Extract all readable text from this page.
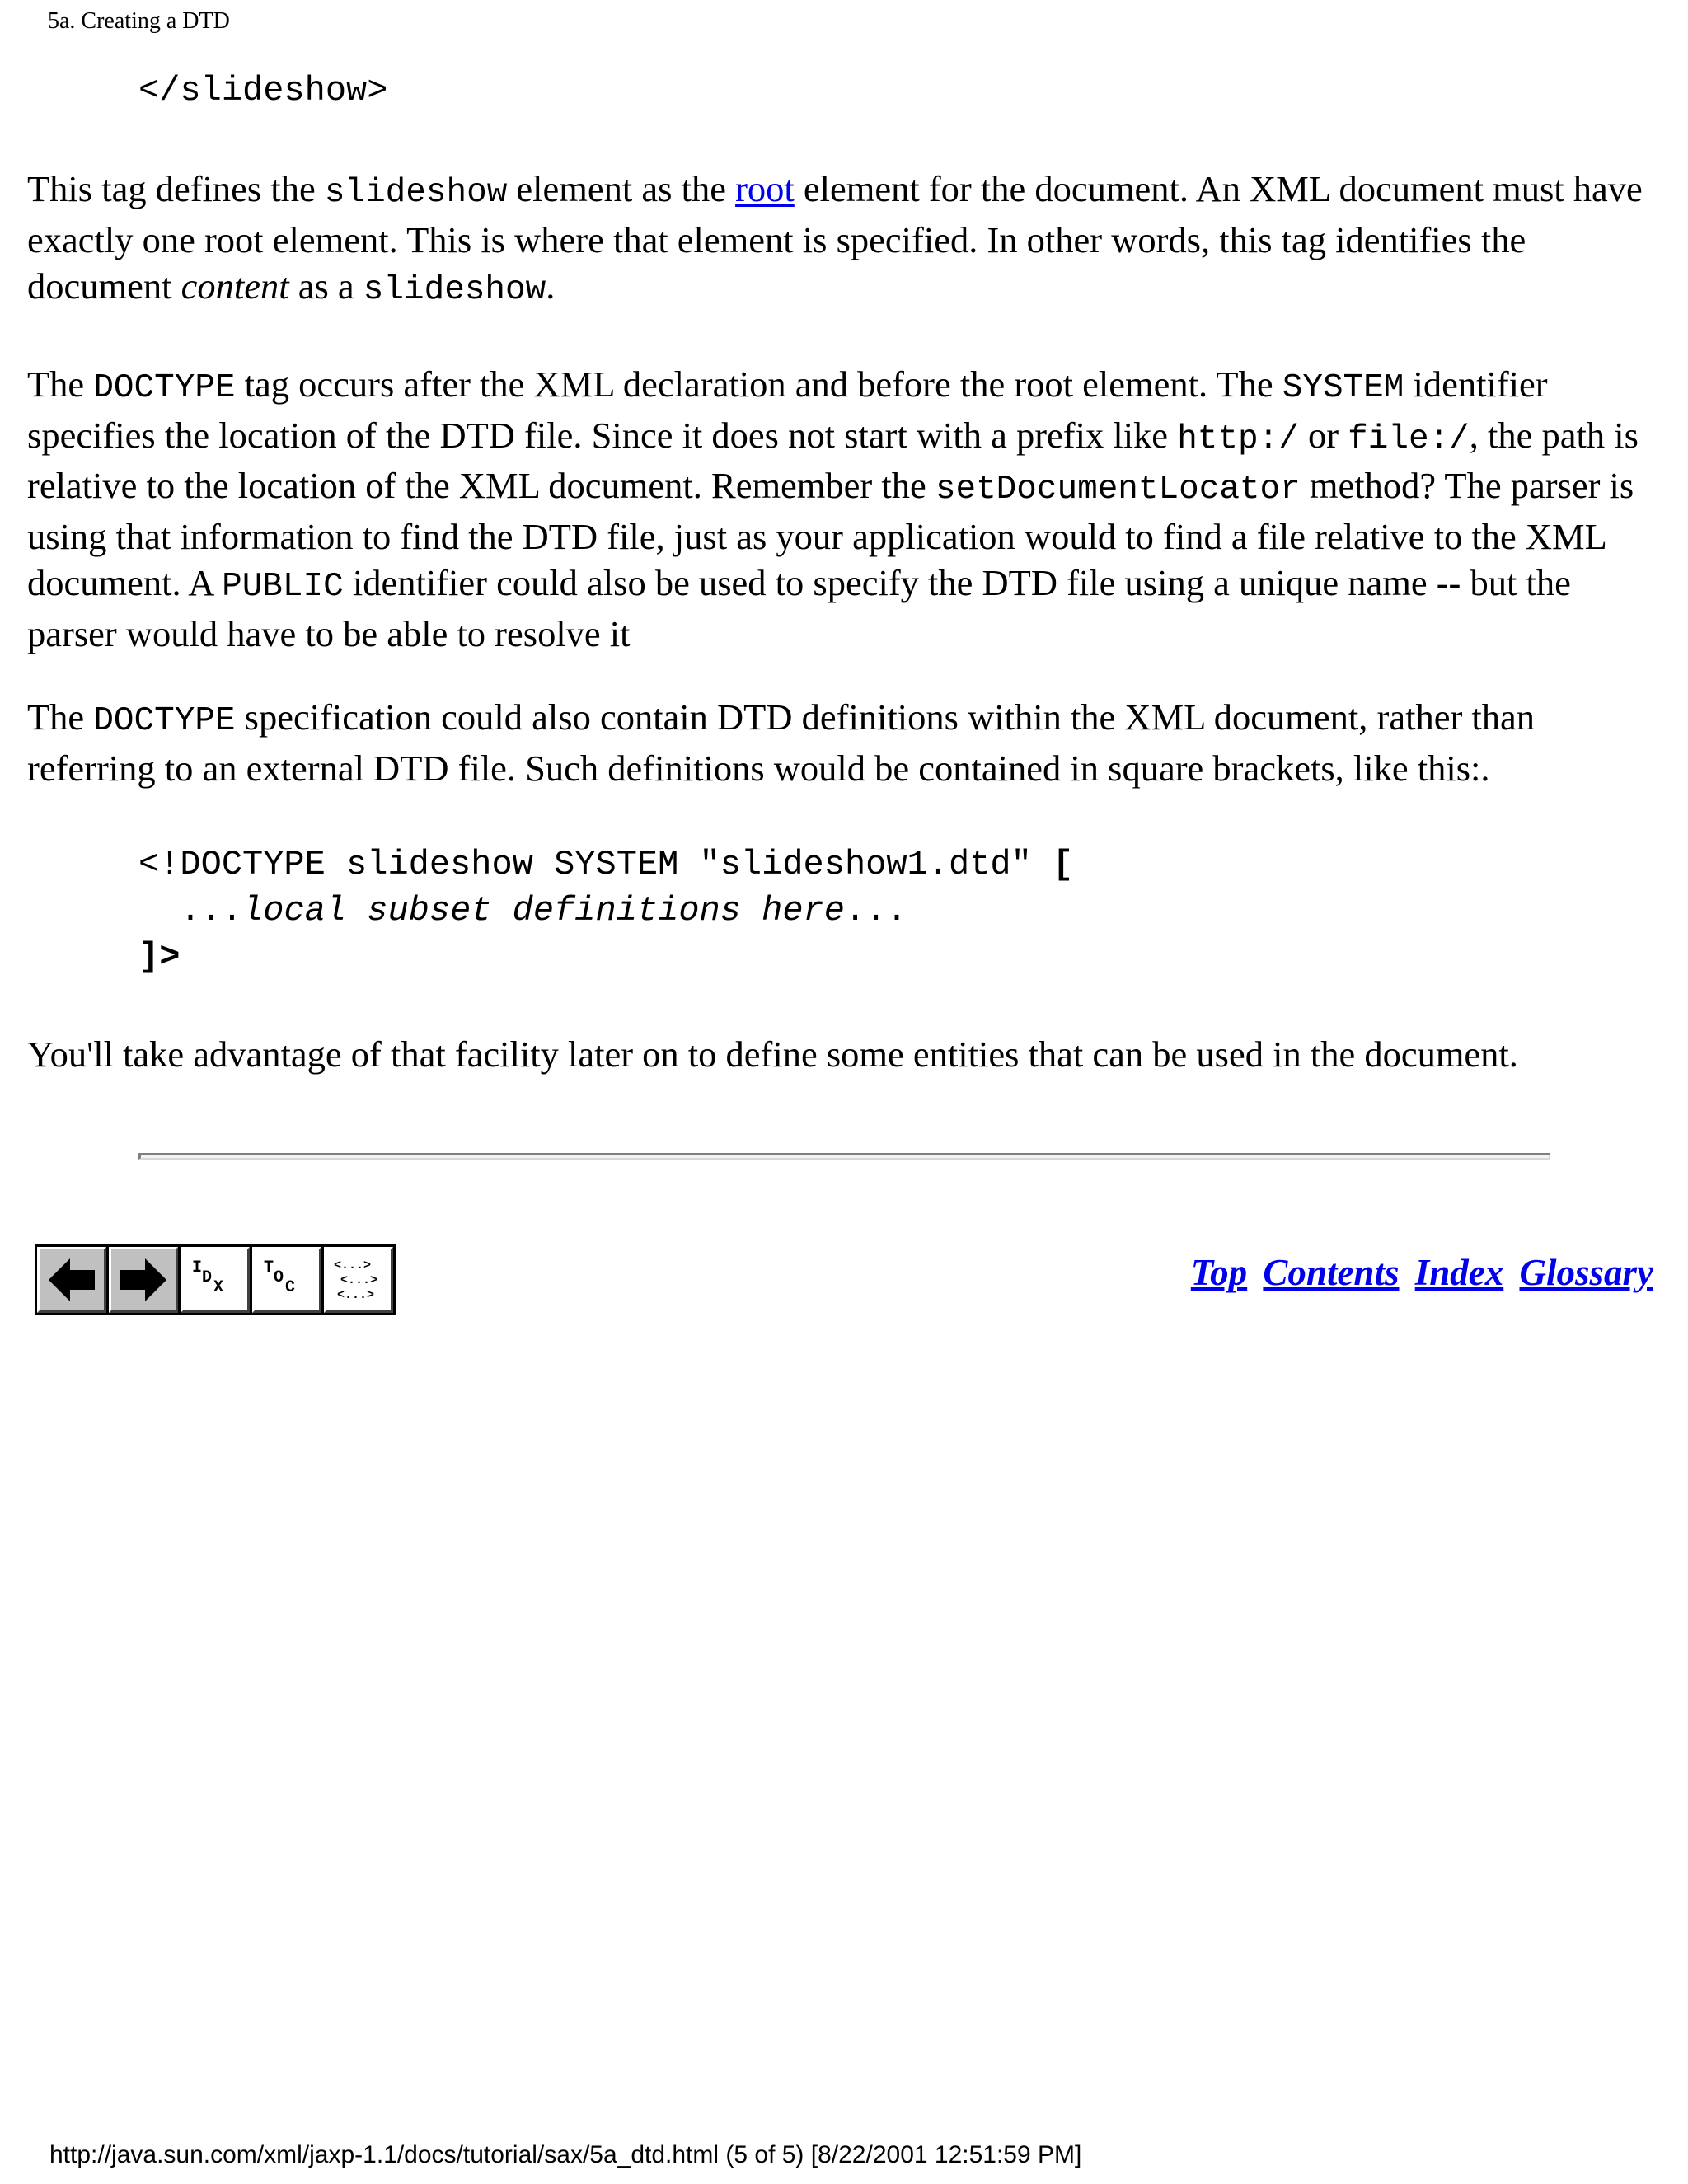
5a. Creating a DTD
</slideshow>
This tag defines the slideshow element as the root element for the document. An XML document must have exactly one root element. This is where that element is specified. In other words, this tag identifies the document content as a slideshow.
The DOCTYPE tag occurs after the XML declaration and before the root element. The SYSTEM identifier specifies the location of the DTD file. Since it does not start with a prefix like http:/ or file:/, the path is relative to the location of the XML document. Remember the setDocumentLocator method? The parser is using that information to find the DTD file, just as your application would to find a file relative to the XML document. A PUBLIC identifier could also be used to specify the DTD file using a unique name -- but the parser would have to be able to resolve it
The DOCTYPE specification could also contain DTD definitions within the XML document, rather than referring to an external DTD file. Such definitions would be contained in square brackets, like this:.
<!DOCTYPE slideshow SYSTEM "slideshow1.dtd" [
...local subset definitions here...
]>
You'll take advantage of that facility later on to define some entities that can be used in the document.
I
D
X
T
O
C
<...>
<...>
<...>
Top Contents Index Glossary
http://java.sun.com/xml/jaxp-1.1/docs/tutorial/sax/5a_dtd.html (5 of 5) [8/22/2001 12:51:59 PM]
